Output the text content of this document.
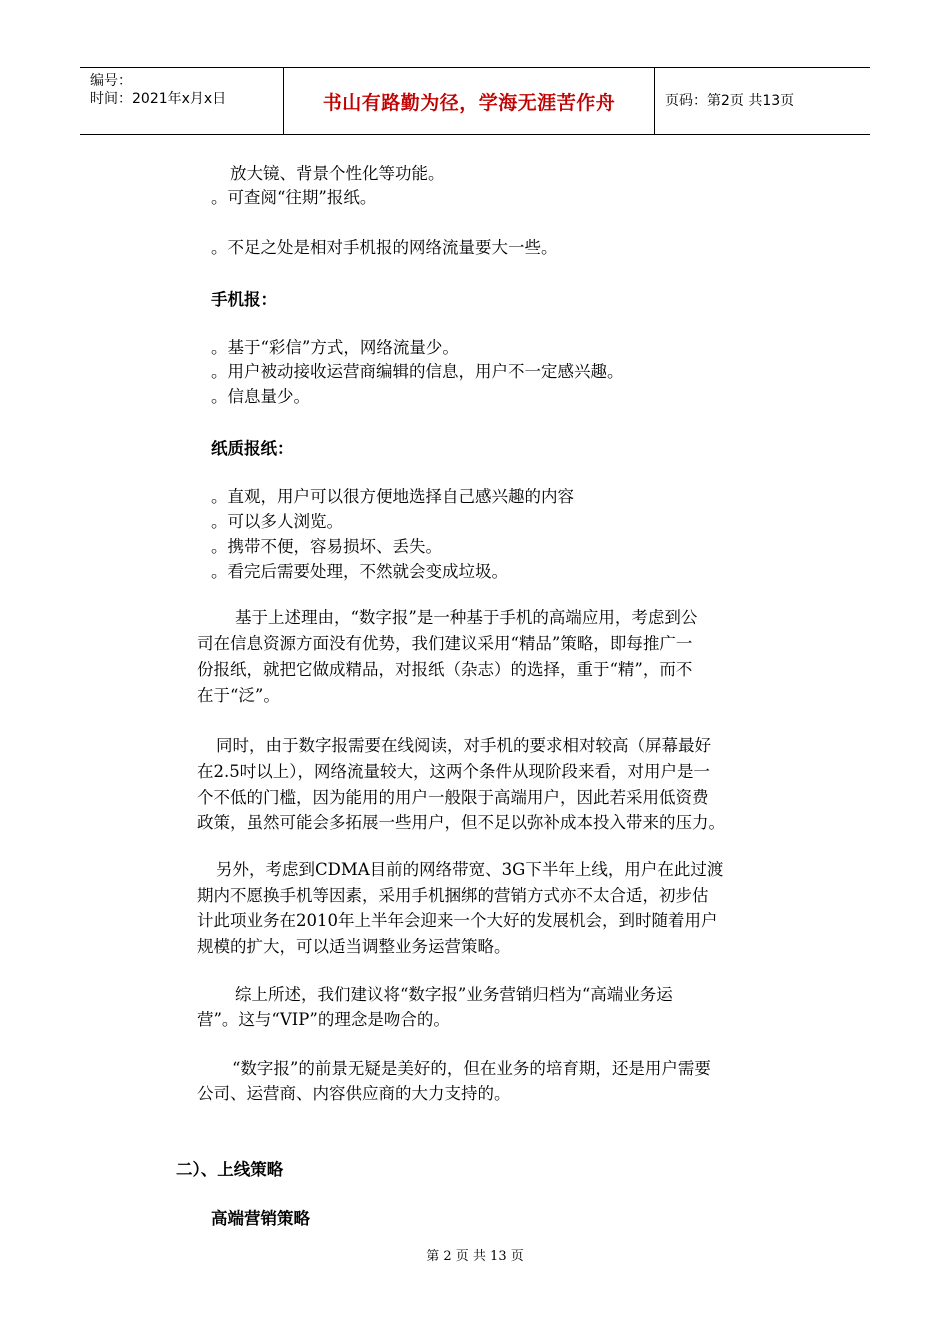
编号：
时间：2021年x月x日	书山有路勤为径，学海无涯苦作舟	页码：第2页 共13页
放大镜、背景个性化等功能。
。可查阅“往期”报纸。
。不足之处是相对手机报的网络流量要大一些。
手机报：
。基于“彩信”方式，网络流量少。
。用户被动接收运营商编辑的信息，用户不一定感兴趣。
。信息量少。
纸质报纸：
。直观，用户可以很方便地选择自己感兴趣的内容
。可以多人浏览。
。携带不便，容易损坏、丢失。
。看完后需要处理，不然就会变成垃圾。
基于上述理由，“数字报”是一种基于手机的高端应用，考虑到公
司在信息资源方面没有优势，我们建议采用“精品”策略，即每推广一
份报纸，就把它做成精品，对报纸（杂志）的选择，重于“精”，而不
在于“泛”。
同时，由于数字报需要在线阅读，对手机的要求相对较高（屏幕最好
在2.5吋以上），网络流量较大，这两个条件从现阶段来看，对用户是一
个不低的门槛，因为能用的用户一般限于高端用户，因此若采用低资费
政策，虽然可能会多拓展一些用户，但不足以弥补成本投入带来的压力。
另外，考虑到CDMA目前的网络带宽、3G下半年上线，用户在此过渡
期内不愿换手机等因素，采用手机捆绑的营销方式亦不太合适，初步估
计此项业务在2010年上半年会迎来一个大好的发展机会，到时随着用户
规模的扩大，可以适当调整业务运营策略。
综上所述，我们建议将“数字报”业务营销归档为“高端业务运
营”。这与“VIP”的理念是吻合的。
“数字报”的前景无疑是美好的，但在业务的培育期，还是用户需要
公司、运营商、内容供应商的大力支持的。
二）、上线策略
高端营销策略
第 2 页 共 13 页
